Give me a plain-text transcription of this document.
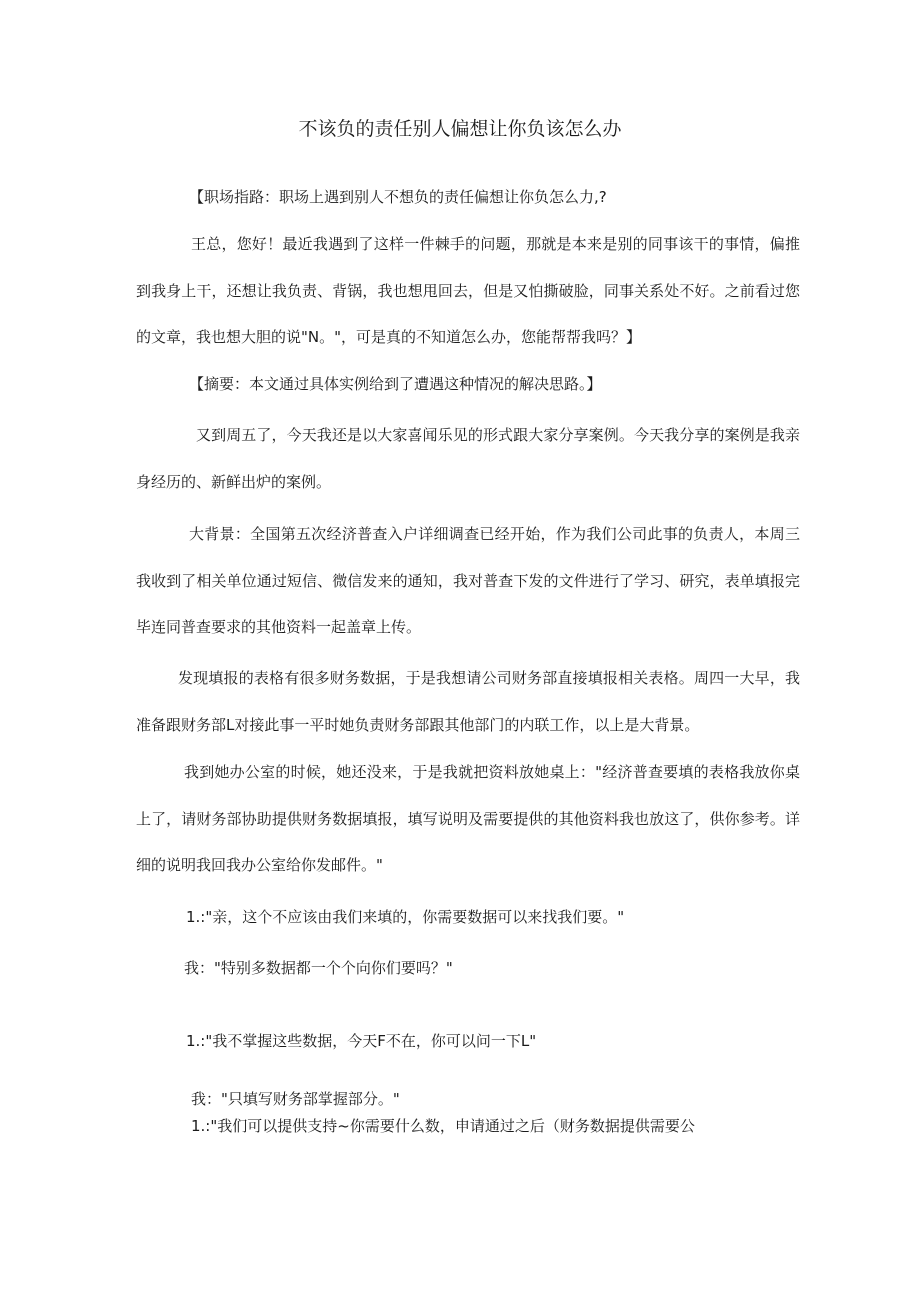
不该负的责任别人偏想让你负该怎么办

【职场指路：职场上遇到别人不想负的责任偏想让你负怎么力,?

王总，您好！最近我遇到了这样一件棘手的问题，那就是本来是别的同事该干的事情，偏推到我身上干，还想让我负责、背锅，我也想甩回去，但是又怕撕破脸，同事关系处不好。之前看过您的文章，我也想大胆的说"N。"，可是真的不知道怎么办，您能帮帮我吗？】

【摘要：本文通过具体实例给到了遭遇这种情况的解决思路。】

又到周五了，今天我还是以大家喜闻乐见的形式跟大家分享案例。今天我分享的案例是我亲身经历的、新鲜出炉的案例。

大背景：全国第五次经济普查入户详细调查已经开始，作为我们公司此事的负责人，本周三我收到了相关单位通过短信、微信发来的通知，我对普查下发的文件进行了学习、研究，表单填报完毕连同普查要求的其他资料一起盖章上传。

发现填报的表格有很多财务数据，于是我想请公司财务部直接填报相关表格。周四一大早，我准备跟财务部L对接此事一平时她负责财务部跟其他部门的内联工作，以上是大背景。

我到她办公室的时候，她还没来，于是我就把资料放她桌上："经济普查要填的表格我放你桌上了，请财务部协助提供财务数据填报，填写说明及需要提供的其他资料我也放这了，供你参考。详细的说明我回我办公室给你发邮件。"

1.:"亲，这个不应该由我们来填的，你需要数据可以来找我们要。"

我："特别多数据都一个个向你们要吗？"

1.:"我不掌握这些数据，今天F不在，你可以问一下L"

我："只填写财务部掌握部分。"

1.:"我们可以提供支持~你需要什么数，申请通过之后（财务数据提供需要公
